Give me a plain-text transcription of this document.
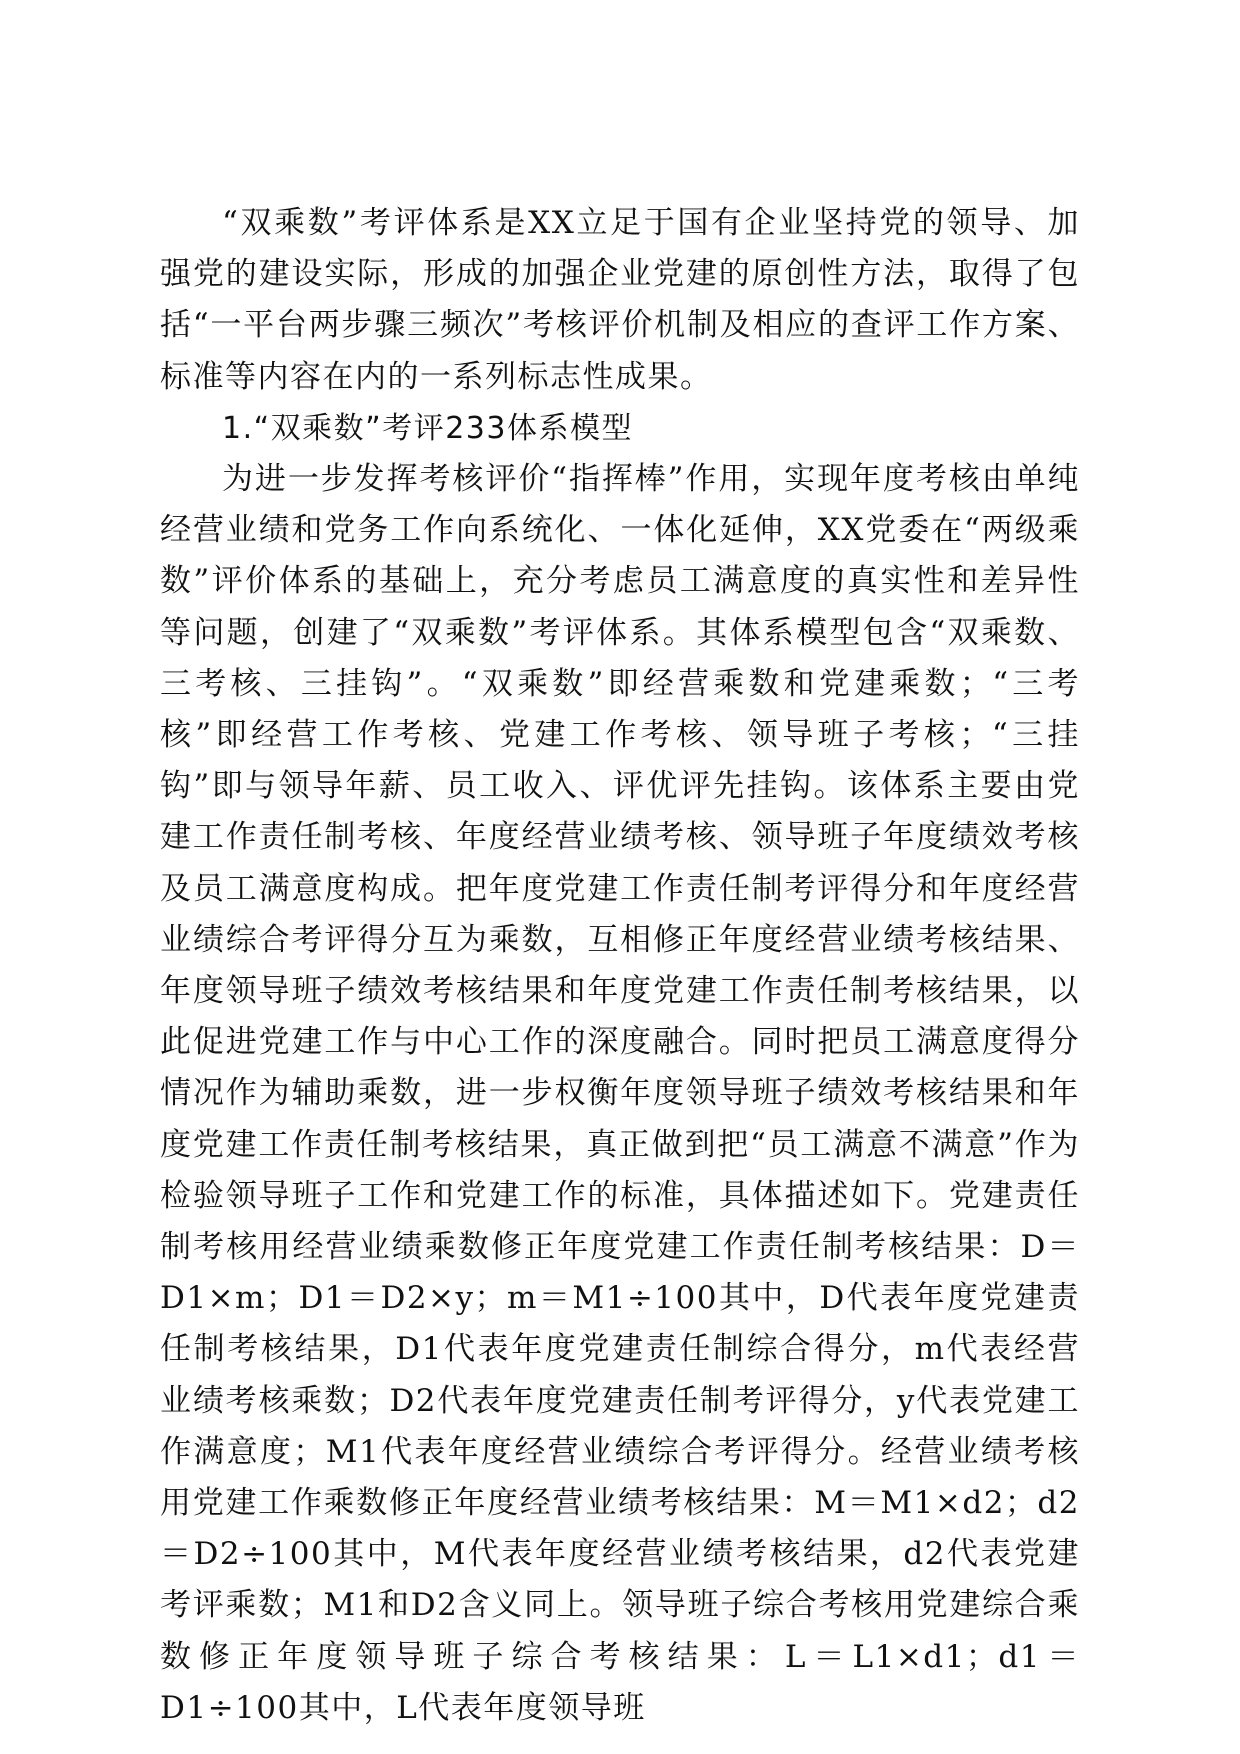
“双乘数”考评体系是XX立足于国有企业坚持党的领导、加强党的建设实际，形成的加强企业党建的原创性方法，取得了包括“一平台两步骤三频次”考核评价机制及相应的查评工作方案、标准等内容在内的一系列标志性成果。

1.“双乘数”考评233体系模型

为进一步发挥考核评价“指挥棒”作用，实现年度考核由单纯经营业绩和党务工作向系统化、一体化延伸，XX党委在“两级乘数”评价体系的基础上，充分考虑员工满意度的真实性和差异性等问题，创建了“双乘数”考评体系。其体系模型包含“双乘数、三考核、三挂钩”。“双乘数”即经营乘数和党建乘数；“三考核”即经营工作考核、党建工作考核、领导班子考核；“三挂钩”即与领导年薪、员工收入、评优评先挂钩。该体系主要由党建工作责任制考核、年度经营业绩考核、领导班子年度绩效考核及员工满意度构成。把年度党建工作责任制考评得分和年度经营业绩综合考评得分互为乘数，互相修正年度经营业绩考核结果、年度领导班子绩效考核结果和年度党建工作责任制考核结果，以此促进党建工作与中心工作的深度融合。同时把员工满意度得分情况作为辅助乘数，进一步权衡年度领导班子绩效考核结果和年度党建工作责任制考核结果，真正做到把“员工满意不满意”作为检验领导班子工作和党建工作的标准，具体描述如下。党建责任制考核用经营业绩乘数修正年度党建工作责任制考核结果：D＝D1×m；D1＝D2×y；m＝M1÷100其中，D代表年度党建责任制考核结果，D1代表年度党建责任制综合得分，m代表经营业绩考核乘数；D2代表年度党建责任制考评得分，y代表党建工作满意度；M1代表年度经营业绩综合考评得分。经营业绩考核用党建工作乘数修正年度经营业绩考核结果：M＝M1×d2；d2＝D2÷100其中，M代表年度经营业绩考核结果，d2代表党建考评乘数；M1和D2含义同上。领导班子综合考核用党建综合乘数修正年度领导班子综合考核结果：L＝L1×d1；d1＝D1÷100其中，L代表年度领导班
